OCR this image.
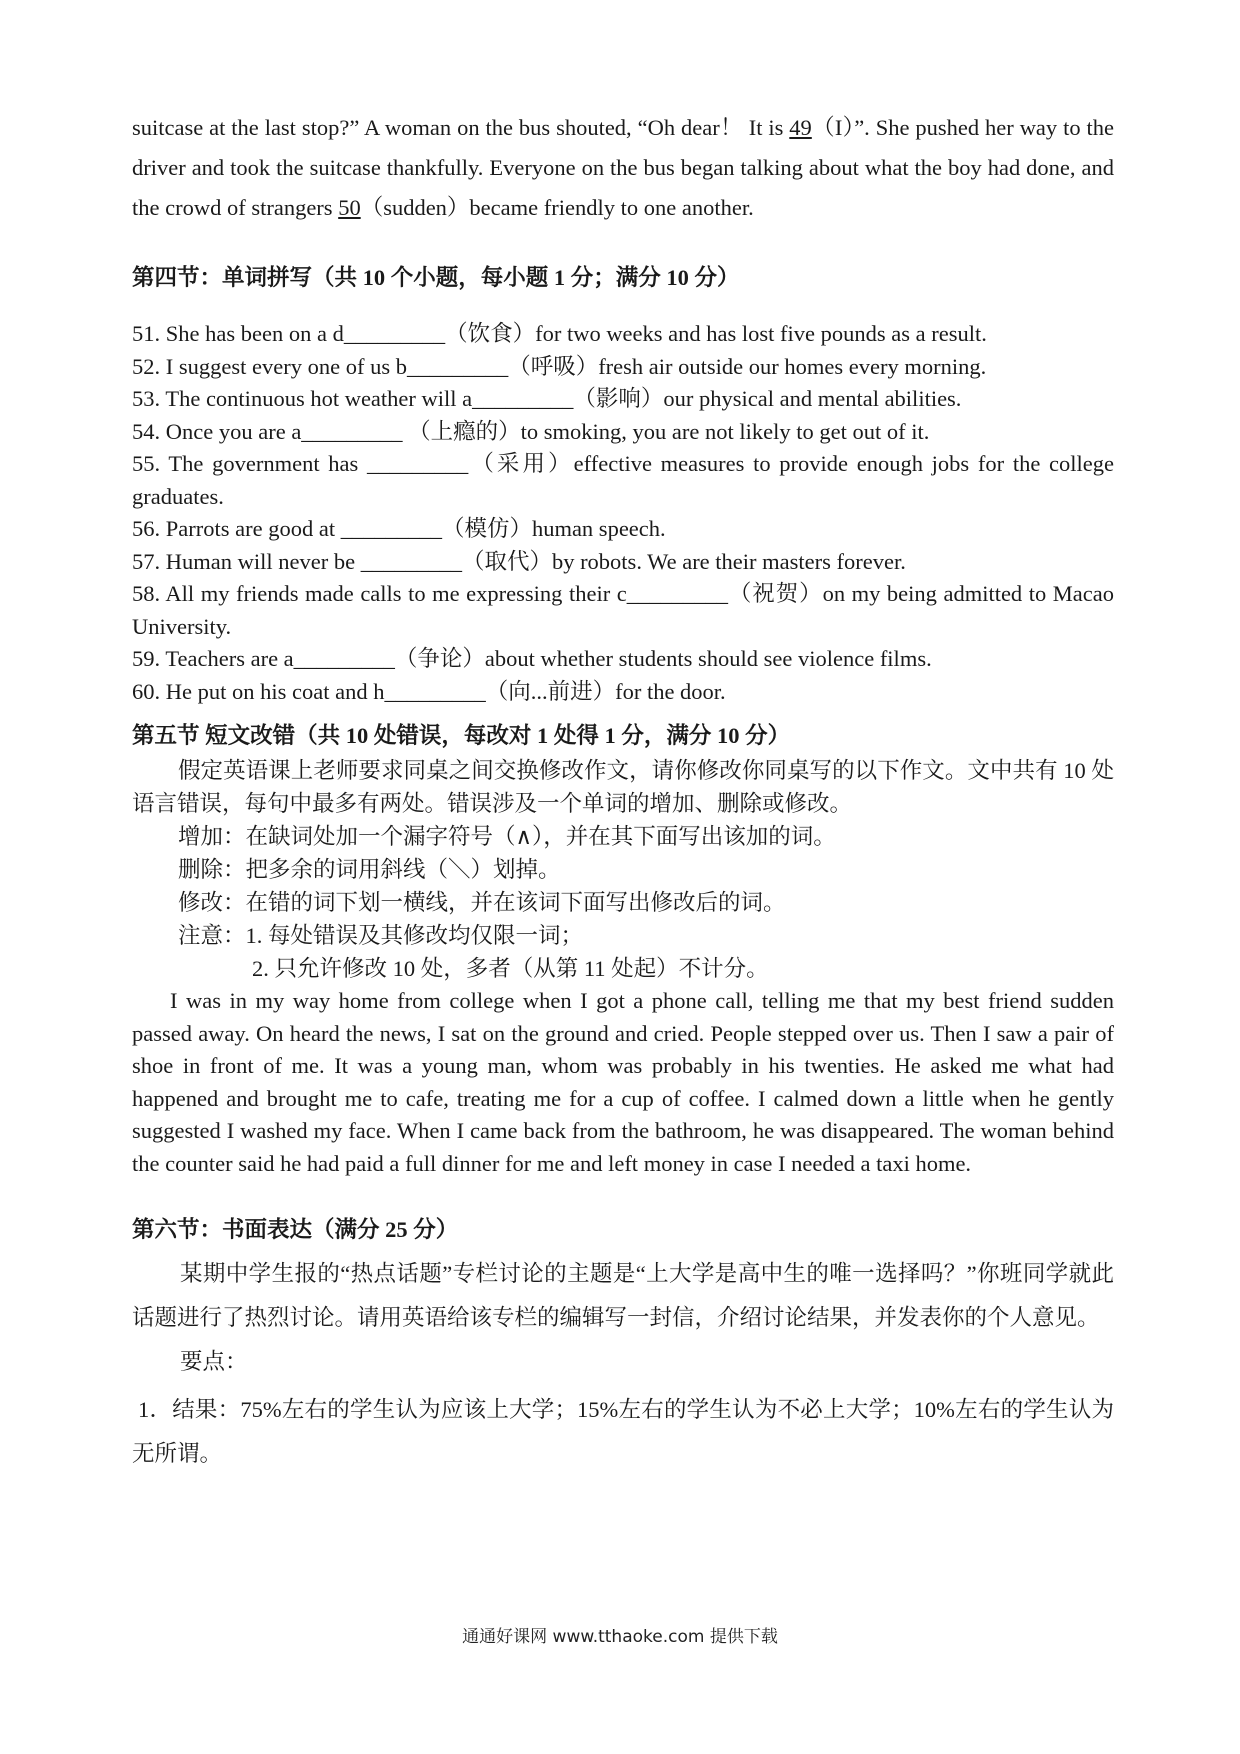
suitcase at the last stop?” A woman on the bus shouted, “Oh dear！ It is 49（I）”. She pushed her way to the driver and took the suitcase thankfully. Everyone on the bus began talking about what the boy had done, and the crowd of strangers 50（sudden）became friendly to one another.

第四节：单词拼写（共 10 个小题，每小题 1 分；满分 10 分）

51. She has been on a d_________（饮食）for two weeks and has lost five pounds as a result.
52. I suggest every one of us b_________（呼吸）fresh air outside our homes every morning.
53. The continuous hot weather will a_________（影响）our physical and mental abilities.
54. Once you are a_________ （上瘾的）to smoking, you are not likely to get out of it.
55. The government has _________（采用）effective measures to provide enough jobs for the college graduates.
56. Parrots are good at _________（模仿）human speech.
57. Human will never be _________（取代）by robots. We are their masters forever.
58. All my friends made calls to me expressing their c_________（祝贺）on my being admitted to Macao University.
59. Teachers are a_________（争论）about whether students should see violence films.
60. He put on his coat and h_________（向...前进）for the door.

第五节 短文改错（共 10 处错误，每改对 1 处得 1 分，满分 10 分）

假定英语课上老师要求同桌之间交换修改作文，请你修改你同桌写的以下作文。文中共有 10 处语言错误，每句中最多有两处。错误涉及一个单词的增加、删除或修改。

增加：在缺词处加一个漏字符号（∧），并在其下面写出该加的词。

删除：把多余的词用斜线（＼）划掉。

修改：在错的词下划一横线，并在该词下面写出修改后的词。

注意：1. 每处错误及其修改均仅限一词；

2. 只允许修改 10 处，多者（从第 11 处起）不计分。

I was in my way home from college when I got a phone call, telling me that my best friend sudden passed away. On heard the news, I sat on the ground and cried. People stepped over us. Then I saw a pair of shoe in front of me. It was a young man, whom was probably in his twenties. He asked me what had happened and brought me to cafe, treating me for a cup of coffee. I calmed down a little when he gently suggested I washed my face. When I came back from the bathroom, he was disappeared. The woman behind the counter said he had paid a full dinner for me and left money in case I needed a taxi home.

第六节：书面表达（满分 25 分）

某期中学生报的“热点话题”专栏讨论的主题是“上大学是高中生的唯一选择吗？”你班同学就此话题进行了热烈讨论。请用英语给该专栏的编辑写一封信，介绍讨论结果，并发表你的个人意见。

要点：

1．结果：75%左右的学生认为应该上大学；15%左右的学生认为不必上大学；10%左右的学生认为无所谓。

通通好课网 www.tthaoke.com 提供下载
